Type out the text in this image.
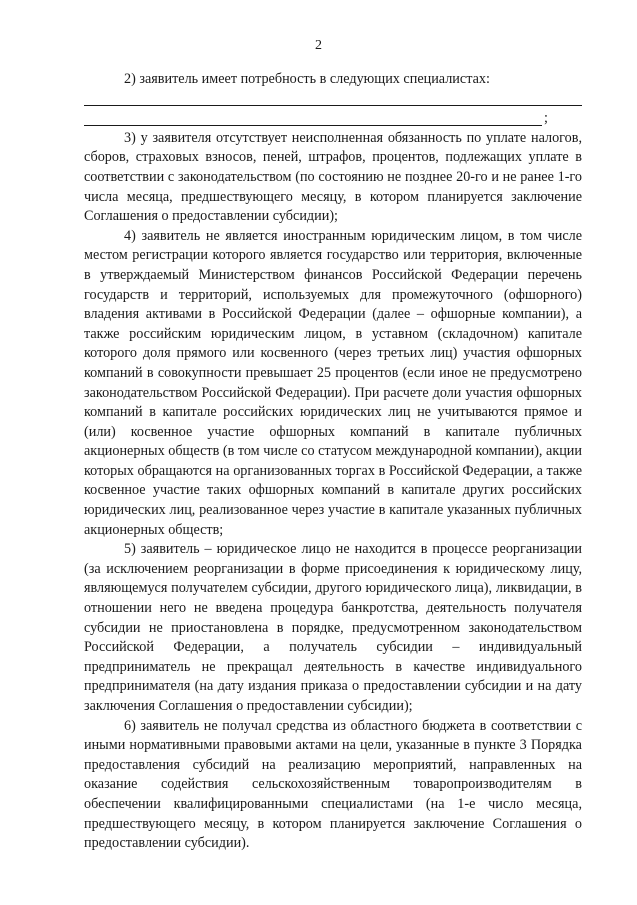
2

2) заявитель имеет потребность в следующих специалистах:

;

3) у заявителя отсутствует неисполненная обязанность по уплате налогов, сборов, страховых взносов, пеней, штрафов, процентов, подлежащих уплате в соответствии с законодательством (по состоянию не позднее 20-го и не ранее 1-го числа месяца, предшествующего месяцу, в котором планируется заключение Соглашения о предоставлении субсидии);

4) заявитель не является иностранным юридическим лицом, в том числе местом регистрации которого является государство или территория, включенные в утверждаемый Министерством финансов Российской Федерации перечень государств и территорий, используемых для промежуточного (офшорного) владения активами в Российской Федерации (далее – офшорные компании), а также российским юридическим лицом, в уставном (складочном) капитале которого доля прямого или косвенного (через третьих лиц) участия офшорных компаний в совокупности превышает 25 процентов (если иное не предусмотрено законодательством Российской Федерации). При расчете доли участия офшорных компаний в капитале российских юридических лиц не учитываются прямое и (или) косвенное участие офшорных компаний в капитале публичных акционерных обществ (в том числе со статусом международной компании), акции которых обращаются на организованных торгах в Российской Федерации, а также косвенное участие таких офшорных компаний в капитале других российских юридических лиц, реализованное через участие в капитале указанных публичных акционерных обществ;

5) заявитель – юридическое лицо не находится в процессе реорганизации (за исключением реорганизации в форме присоединения к юридическому лицу, являющемуся получателем субсидии, другого юридического лица), ликвидации, в отношении него не введена процедура банкротства, деятельность получателя субсидии не приостановлена в порядке, предусмотренном законодательством Российской Федерации, а получатель субсидии – индивидуальный предприниматель не прекращал деятельность в качестве индивидуального предпринимателя (на дату издания приказа о предоставлении субсидии и на дату заключения Соглашения о предоставлении субсидии);

6) заявитель не получал средства из областного бюджета в соответствии с иными нормативными правовыми актами на цели, указанные в пункте 3 Порядка предоставления субсидий на реализацию мероприятий, направленных на оказание содействия сельскохозяйственным товаропроизводителям в обеспечении квалифицированными специалистами (на 1-е число месяца, предшествующего месяцу, в котором планируется заключение Соглашения о предоставлении субсидии).
